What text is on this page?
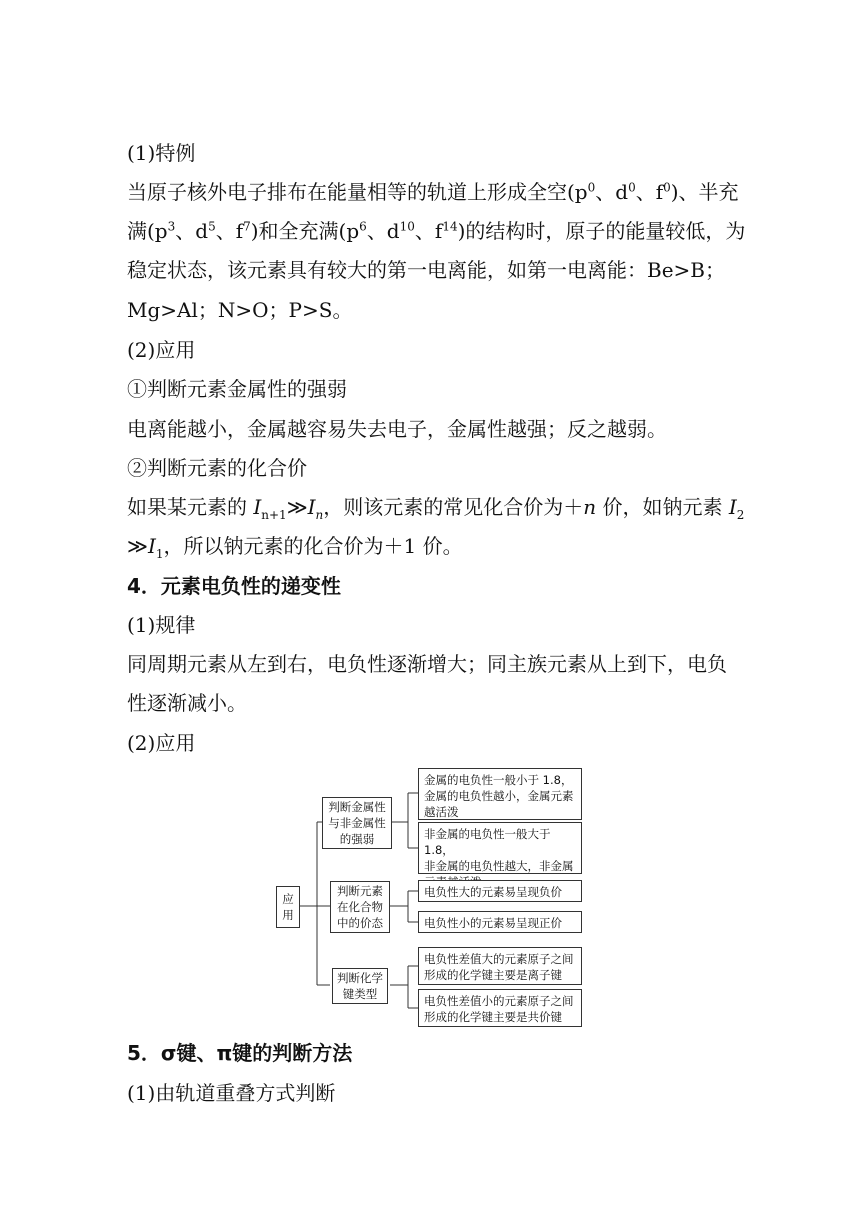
(1)特例
当原子核外电子排布在能量相等的轨道上形成全空($p^0$、$d^0$、$f^0$)、半充
满($p^3$、$d^5$、$f^7$)和全充满($p^6$、$d^{10}$、$f^{14}$)的结构时，原子的能量较低，为
稳定状态，该元素具有较大的第一电离能，如第一电离能：Be>B；
Mg>Al；N>O；P>S。
(2)应用
①判断元素金属性的强弱
电离能越小，金属越容易失去电子，金属性越强；反之越弱。
②判断元素的化合价
如果某元素的 $I_{n+1}≫I_n$，则该元素的常见化合价为＋n 价，如钠元素 $I_2$
$≫I_1$，所以钠元素的化合价为＋1 价。
4．元素电负性的递变性
(1)规律
同周期元素从左到右，电负性逐渐增大；同主族元素从上到下，电负
性逐渐减小。
(2)应用
应
用
判断金属性
与非金属性
的强弱
判断元素
在化合物
中的价态
判断化学
键类型
金属的电负性一般小于 1.8，
金属的电负性越小，金属元素
越活泼
非金属的电负性一般大于 1.8，
非金属的电负性越大，非金属
电负性大的元素易呈现负价
电负性小的元素易呈现正价
电负性差值大的元素原子之间
形成的化学键主要是离子键
电负性差值小的元素原子之间
形成的化学键主要是共价键
5．σ键、π键的判断方法
(1)由轨道重叠方式判断
